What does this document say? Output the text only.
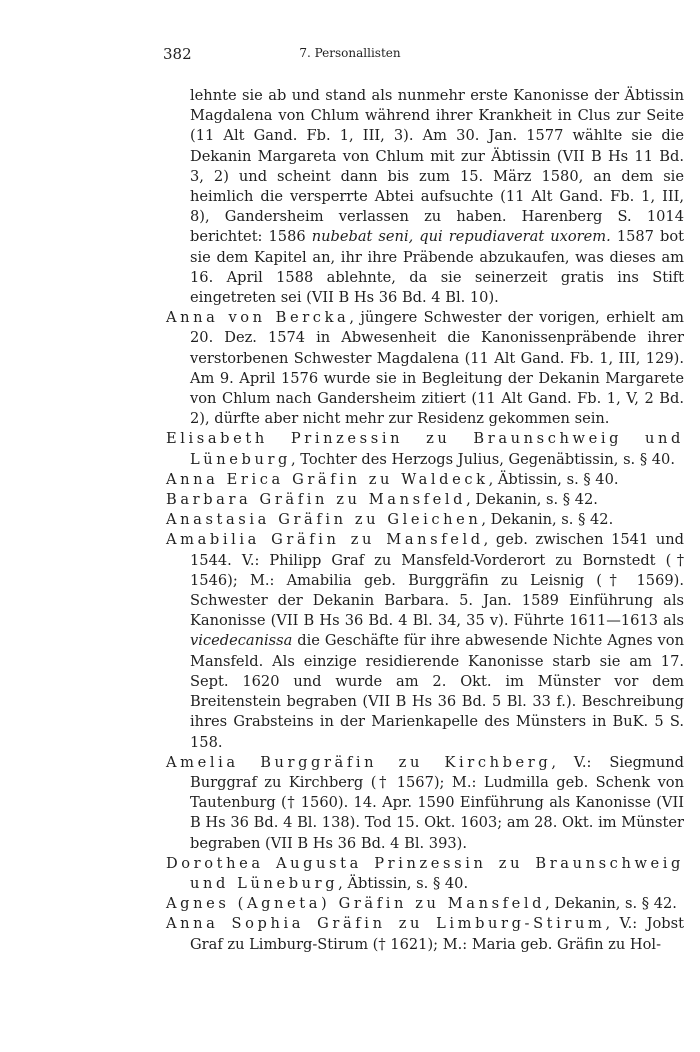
382	7. Personallisten

lehnte sie ab und stand als nunmehr erste Kanonisse der Äbtissin Magdalena von Chlum während ihrer Krankheit in Clus zur Seite (11 Alt Gand. Fb. 1, III, 3). Am 30. Jan. 1577 wählte sie die Dekanin Margareta von Chlum mit zur Äbtissin (VII B Hs 11 Bd. 3, 2) und scheint dann bis zum 15. März 1580, an dem sie heimlich die versperrte Abtei aufsuchte (11 Alt Gand. Fb. 1, III, 8), Gandersheim verlassen zu haben. Harenberg S. 1014 berichtet: 1586 nubebat seni, qui repudiaverat uxorem. 1587 bot sie dem Kapitel an, ihr ihre Präbende abzukaufen, was dieses am 16. April 1588 ablehnte, da sie seinerzeit gratis ins Stift eingetreten sei (VII B Hs 36 Bd. 4 Bl. 10).

Anna von Bercka, jüngere Schwester der vorigen, erhielt am 20. Dez. 1574 in Abwesenheit die Kanonissenpräbende ihrer verstorbenen Schwester Magdalena (11 Alt Gand. Fb. 1, III, 129). Am 9. April 1576 wurde sie in Begleitung der Dekanin Margarete von Chlum nach Gandersheim zitiert (11 Alt Gand. Fb. 1, V, 2 Bd. 2), dürfte aber nicht mehr zur Residenz gekommen sein.

Elisabeth Prinzessin zu Braunschweig und Lüneburg, Tochter des Herzogs Julius, Gegenäbtissin, s. § 40.

Anna Erica Gräfin zu Waldeck, Äbtissin, s. § 40.

Barbara Gräfin zu Mansfeld, Dekanin, s. § 42.

Anastasia Gräfin zu Gleichen, Dekanin, s. § 42.

Amabilia Gräfin zu Mansfeld, geb. zwischen 1541 und 1544. V.: Philipp Graf zu Mansfeld-Vorderort zu Bornstedt († 1546); M.: Amabilia geb. Burggräfin zu Leisnig († 1569). Schwester der Dekanin Barbara. 5. Jan. 1589 Einführung als Kanonisse (VII B Hs 36 Bd. 4 Bl. 34, 35 v). Führte 1611—1613 als vicedecanissa die Geschäfte für ihre abwesende Nichte Agnes von Mansfeld. Als einzige residierende Kanonisse starb sie am 17. Sept. 1620 und wurde am 2. Okt. im Münster vor dem Breitenstein begraben (VII B Hs 36 Bd. 5 Bl. 33 f.). Beschreibung ihres Grabsteins in der Marienkapelle des Münsters in BuK. 5 S. 158.

Amelia Burggräfin zu Kirchberg, V.: Siegmund Burggraf zu Kirchberg († 1567); M.: Ludmilla geb. Schenk von Tautenburg († 1560). 14. Apr. 1590 Einführung als Kanonisse (VII B Hs 36 Bd. 4 Bl. 138). Tod 15. Okt. 1603; am 28. Okt. im Münster begraben (VII B Hs 36 Bd. 4 Bl. 393).

Dorothea Augusta Prinzessin zu Braunschweig und Lüneburg, Äbtissin, s. § 40.

Agnes (Agneta) Gräfin zu Mansfeld, Dekanin, s. § 42.

Anna Sophia Gräfin zu Limburg-Stirum, V.: Jobst Graf zu Limburg-Stirum († 1621); M.: Maria geb. Gräfin zu Hol-
